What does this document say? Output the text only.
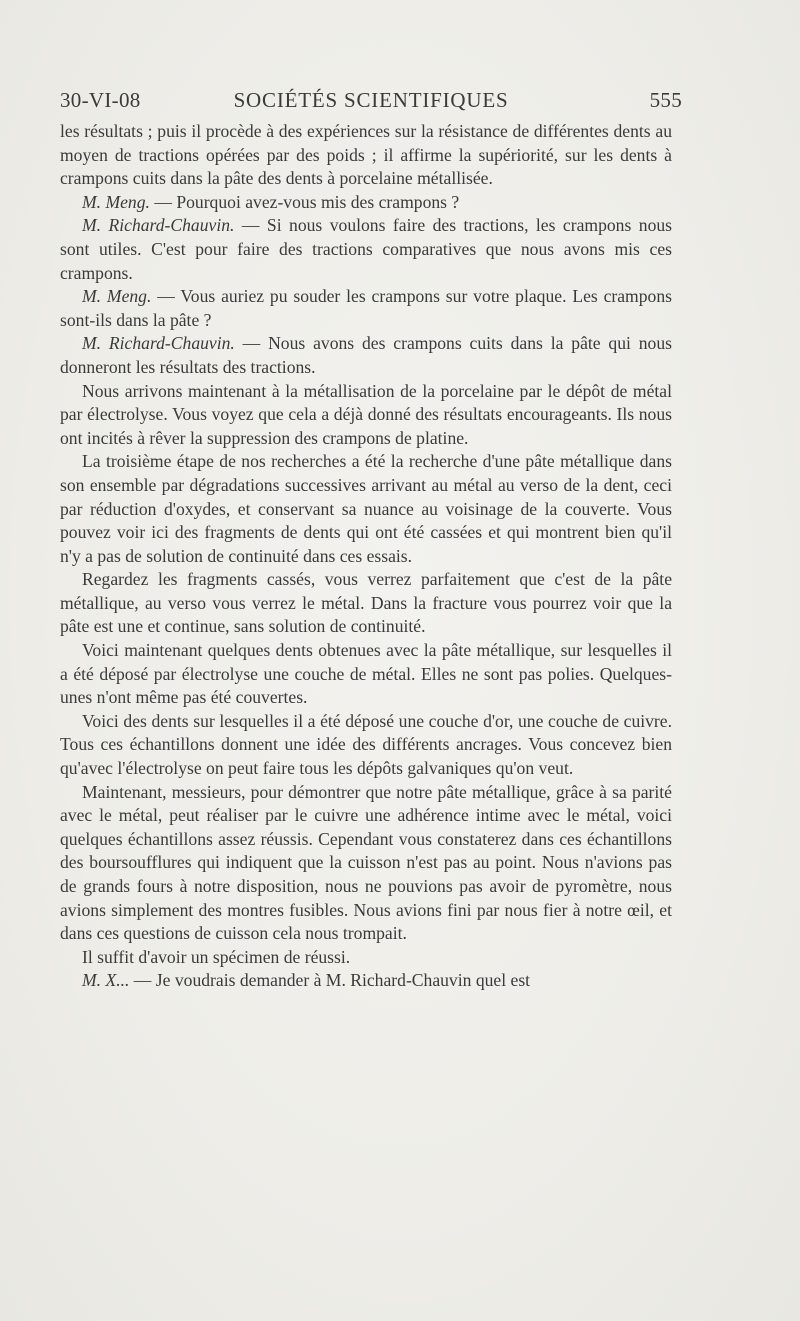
30-VI-08	SOCIÉTÉS SCIENTIFIQUES	555

les résultats ; puis il procède à des expériences sur la résistance de différentes dents au moyen de tractions opérées par des poids ; il affirme la supériorité, sur les dents à crampons cuits dans la pâte des dents à porcelaine métallisée.

M. Meng. — Pourquoi avez-vous mis des crampons ?

M. Richard-Chauvin. — Si nous voulons faire des tractions, les crampons nous sont utiles. C'est pour faire des tractions comparatives que nous avons mis ces crampons.

M. Meng. — Vous auriez pu souder les crampons sur votre plaque. Les crampons sont-ils dans la pâte ?

M. Richard-Chauvin. — Nous avons des crampons cuits dans la pâte qui nous donneront les résultats des tractions.

Nous arrivons maintenant à la métallisation de la porcelaine par le dépôt de métal par électrolyse. Vous voyez que cela a déjà donné des résultats encourageants. Ils nous ont incités à rêver la suppression des crampons de platine.

La troisième étape de nos recherches a été la recherche d'une pâte métallique dans son ensemble par dégradations successives arrivant au métal au verso de la dent, ceci par réduction d'oxydes, et conservant sa nuance au voisinage de la couverte. Vous pouvez voir ici des fragments de dents qui ont été cassées et qui montrent bien qu'il n'y a pas de solution de continuité dans ces essais.

Regardez les fragments cassés, vous verrez parfaitement que c'est de la pâte métallique, au verso vous verrez le métal. Dans la fracture vous pourrez voir que la pâte est une et continue, sans solution de continuité.

Voici maintenant quelques dents obtenues avec la pâte métallique, sur lesquelles il a été déposé par électrolyse une couche de métal. Elles ne sont pas polies. Quelques-unes n'ont même pas été couvertes.

Voici des dents sur lesquelles il a été déposé une couche d'or, une couche de cuivre. Tous ces échantillons donnent une idée des différents ancrages. Vous concevez bien qu'avec l'électrolyse on peut faire tous les dépôts galvaniques qu'on veut.

Maintenant, messieurs, pour démontrer que notre pâte métallique, grâce à sa parité avec le métal, peut réaliser par le cuivre une adhérence intime avec le métal, voici quelques échantillons assez réussis. Cependant vous constaterez dans ces échantillons des boursoufflures qui indiquent que la cuisson n'est pas au point. Nous n'avions pas de grands fours à notre disposition, nous ne pouvions pas avoir de pyromètre, nous avions simplement des montres fusibles. Nous avions fini par nous fier à notre œil, et dans ces questions de cuisson cela nous trompait.

Il suffit d'avoir un spécimen de réussi.

M. X... — Je voudrais demander à M. Richard-Chauvin quel est
